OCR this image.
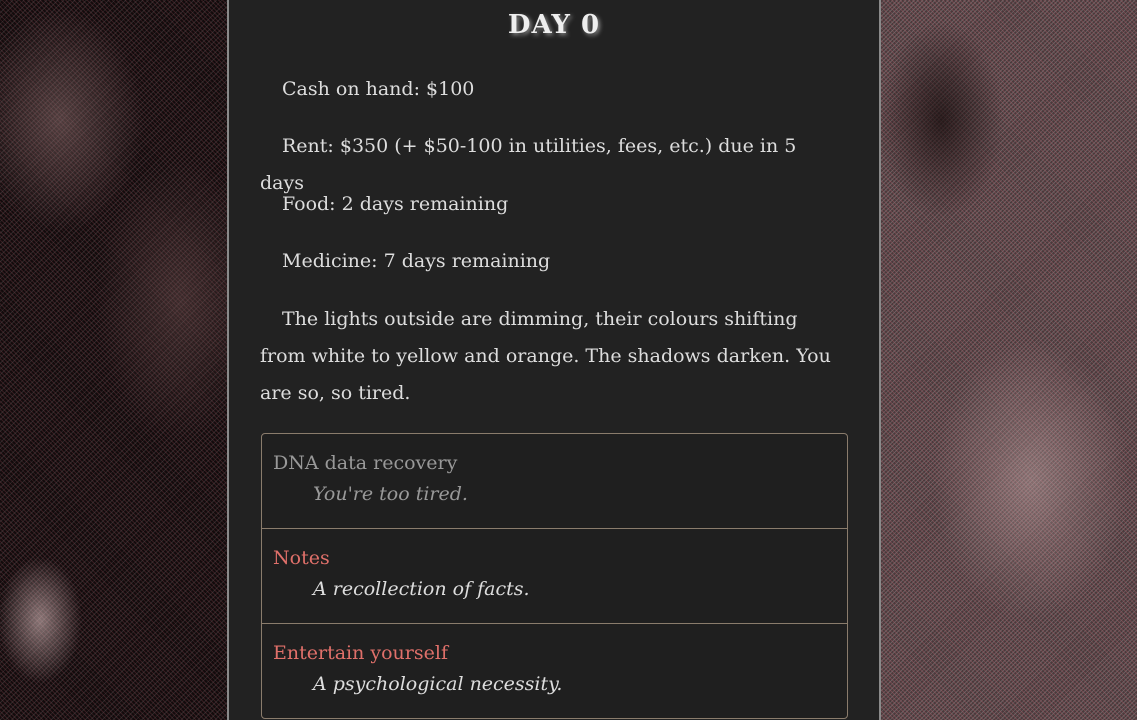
DAY 0

Cash on hand: $100

Rent: $350 (+ $50-100 in utilities, fees, etc.) due in 5 days

Food: 2 days remaining

Medicine: 7 days remaining

The lights outside are dimming, their colours shifting from white to yellow and orange. The shadows darken. You are so, so tired.

DNA data recovery
You're too tired.
Notes
A recollection of facts.
Entertain yourself
A psychological necessity.
